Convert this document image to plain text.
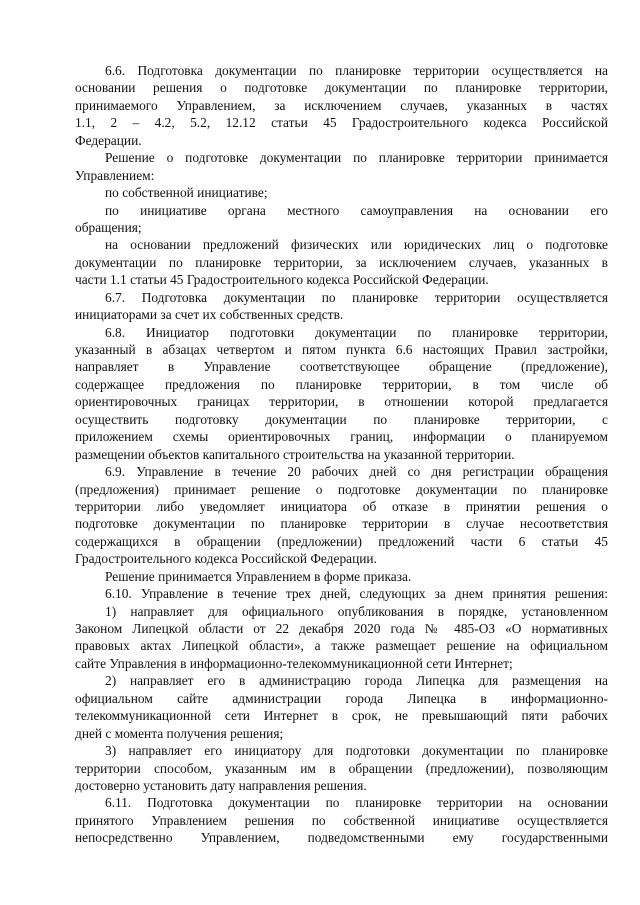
6.6. Подготовка документации по планировке территории осуществляется на
основании решения о подготовке документации по планировке территории,
принимаемого Управлением, за исключением случаев, указанных в частях
1.1, 2 – 4.2, 5.2, 12.12 статьи 45 Градостроительного кодекса Российской
Федерации.

Решение о подготовке документации по планировке территории принимается
Управлением:

по собственной инициативе;

по инициативе органа местного самоуправления на основании его
обращения;

на основании предложений физических или юридических лиц о подготовке
документации по планировке территории, за исключением случаев, указанных в
части 1.1 статьи 45 Градостроительного кодекса Российской Федерации.

6.7. Подготовка документации по планировке территории осуществляется
инициаторами за счет их собственных средств.

6.8. Инициатор подготовки документации по планировке территории,
указанный в абзацах четвертом и пятом пункта 6.6 настоящих Правил застройки,
направляет в Управление соответствующее обращение (предложение),
содержащее предложения по планировке территории, в том числе об
ориентировочных границах территории, в отношении которой предлагается
осуществить подготовку документации по планировке территории, с
приложением схемы ориентировочных границ, информации о планируемом
размещении объектов капитального строительства на указанной территории.

6.9. Управление в течение 20 рабочих дней со дня регистрации обращения
(предложения) принимает решение о подготовке документации по планировке
территории либо уведомляет инициатора об отказе в принятии решения о
подготовке документации по планировке территории в случае несоответствия
содержащихся в обращении (предложении) предложений части 6 статьи 45
Градостроительного кодекса Российской Федерации.

Решение принимается Управлением в форме приказа.

6.10. Управление в течение трех дней, следующих за днем принятия решения:

1) направляет для официального опубликования в порядке, установленном
Законом Липецкой области от 22 декабря 2020 года № 485-ОЗ «О нормативных
правовых актах Липецкой области», а также размещает решение на официальном
сайте Управления в информационно-телекоммуникационной сети Интернет;

2) направляет его в администрацию города Липецка для размещения на
официальном сайте администрации города Липецка в информационно-
телекоммуникационной сети Интернет в срок, не превышающий пяти рабочих
дней с момента получения решения;

3) направляет его инициатору для подготовки документации по планировке
территории способом, указанным им в обращении (предложении), позволяющим
достоверно установить дату направления решения.

6.11. Подготовка документации по планировке территории на основании
принятого Управлением решения по собственной инициативе осуществляется
непосредственно Управлением, подведомственными ему государственными
